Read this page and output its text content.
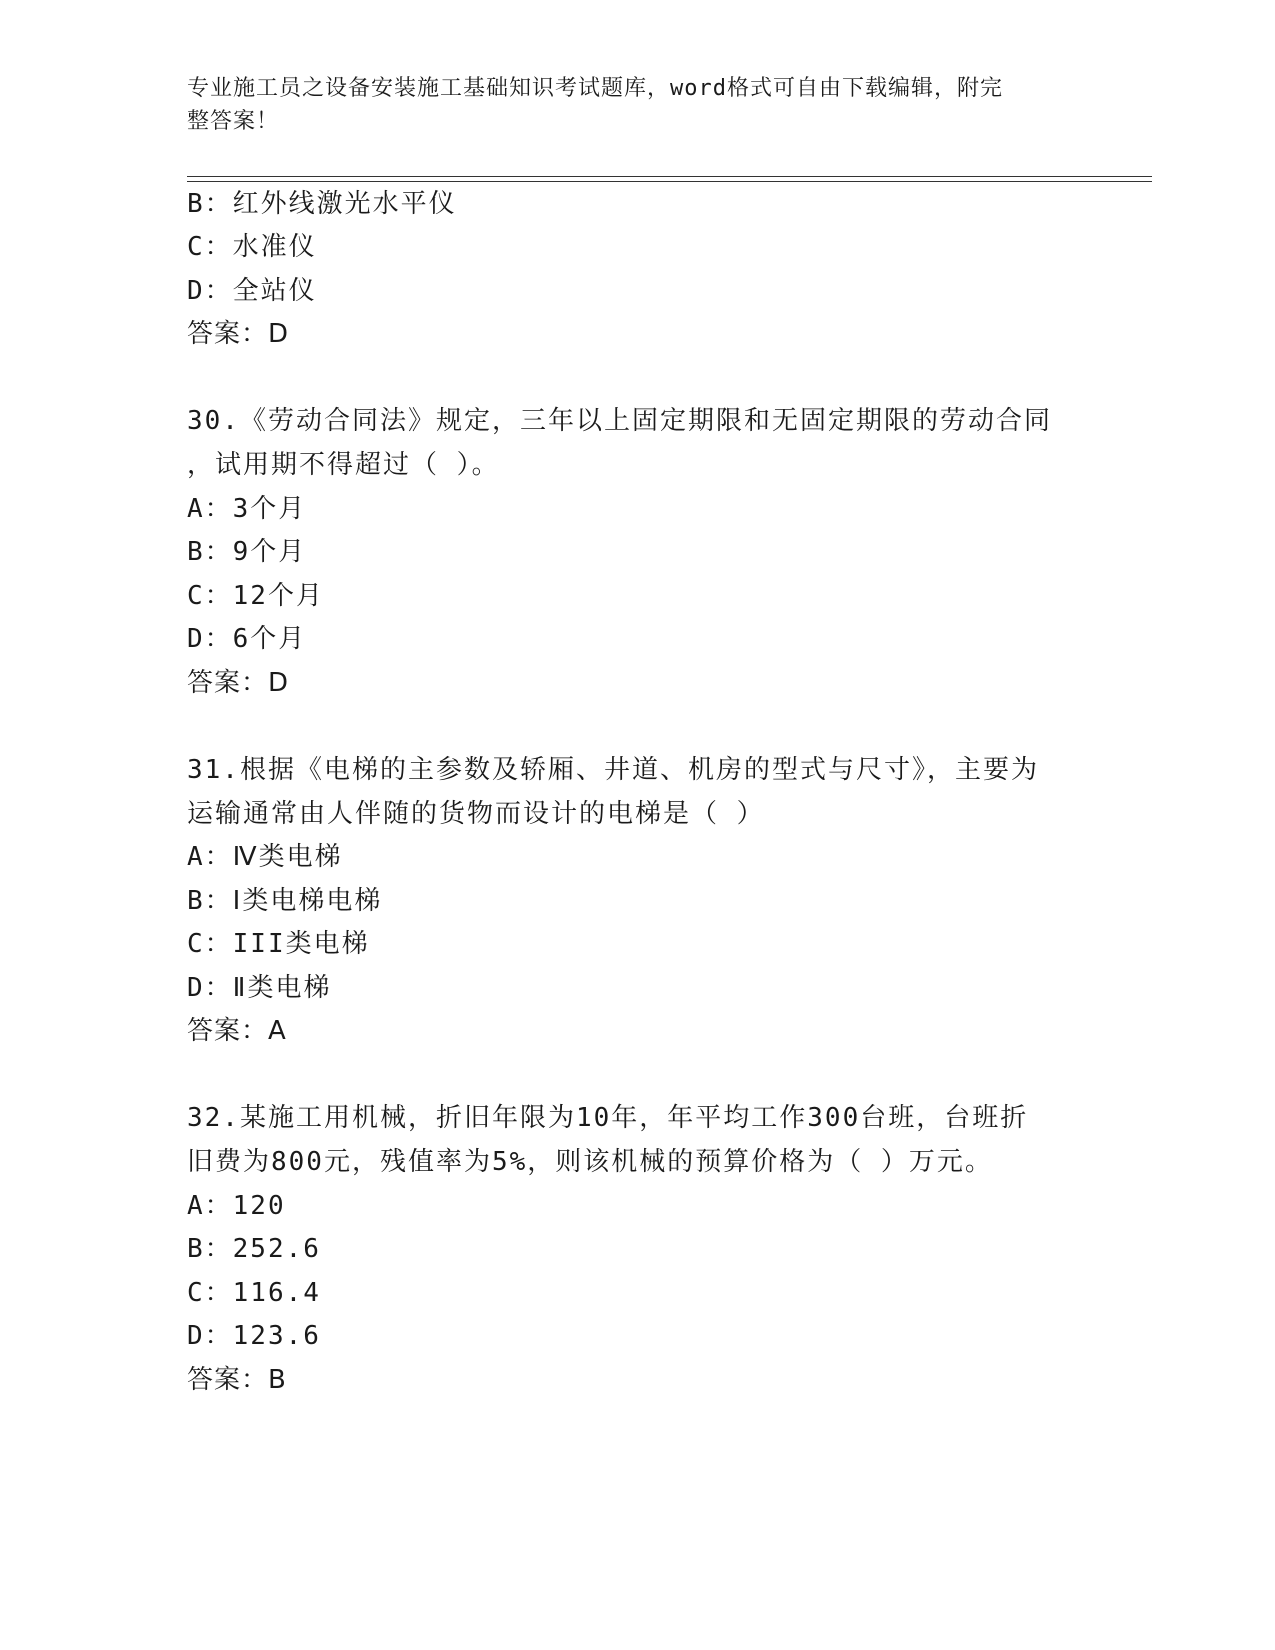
专业施工员之设备安装施工基础知识考试题库，word格式可自由下载编辑，附完
整答案！
B：红外线激光水平仪
C：水准仪
D：全站仪
答案：D
30.《劳动合同法》规定，三年以上固定期限和无固定期限的劳动合同
，试用期不得超过（ ）。
A：3个月
B：9个月
C：12个月
D：6个月
答案：D
31.根据《电梯的主参数及轿厢、井道、机房的型式与尺寸》，主要为
运输通常由人伴随的货物而设计的电梯是（ ）
A：Ⅳ类电梯
B：Ⅰ类电梯电梯
C：III类电梯
D：Ⅱ类电梯
答案：A
32.某施工用机械，折旧年限为10年，年平均工作300台班，台班折
旧费为800元，残值率为5%，则该机械的预算价格为（ ）万元。
A：120
B：252.6
C：116.4
D：123.6
答案：B
